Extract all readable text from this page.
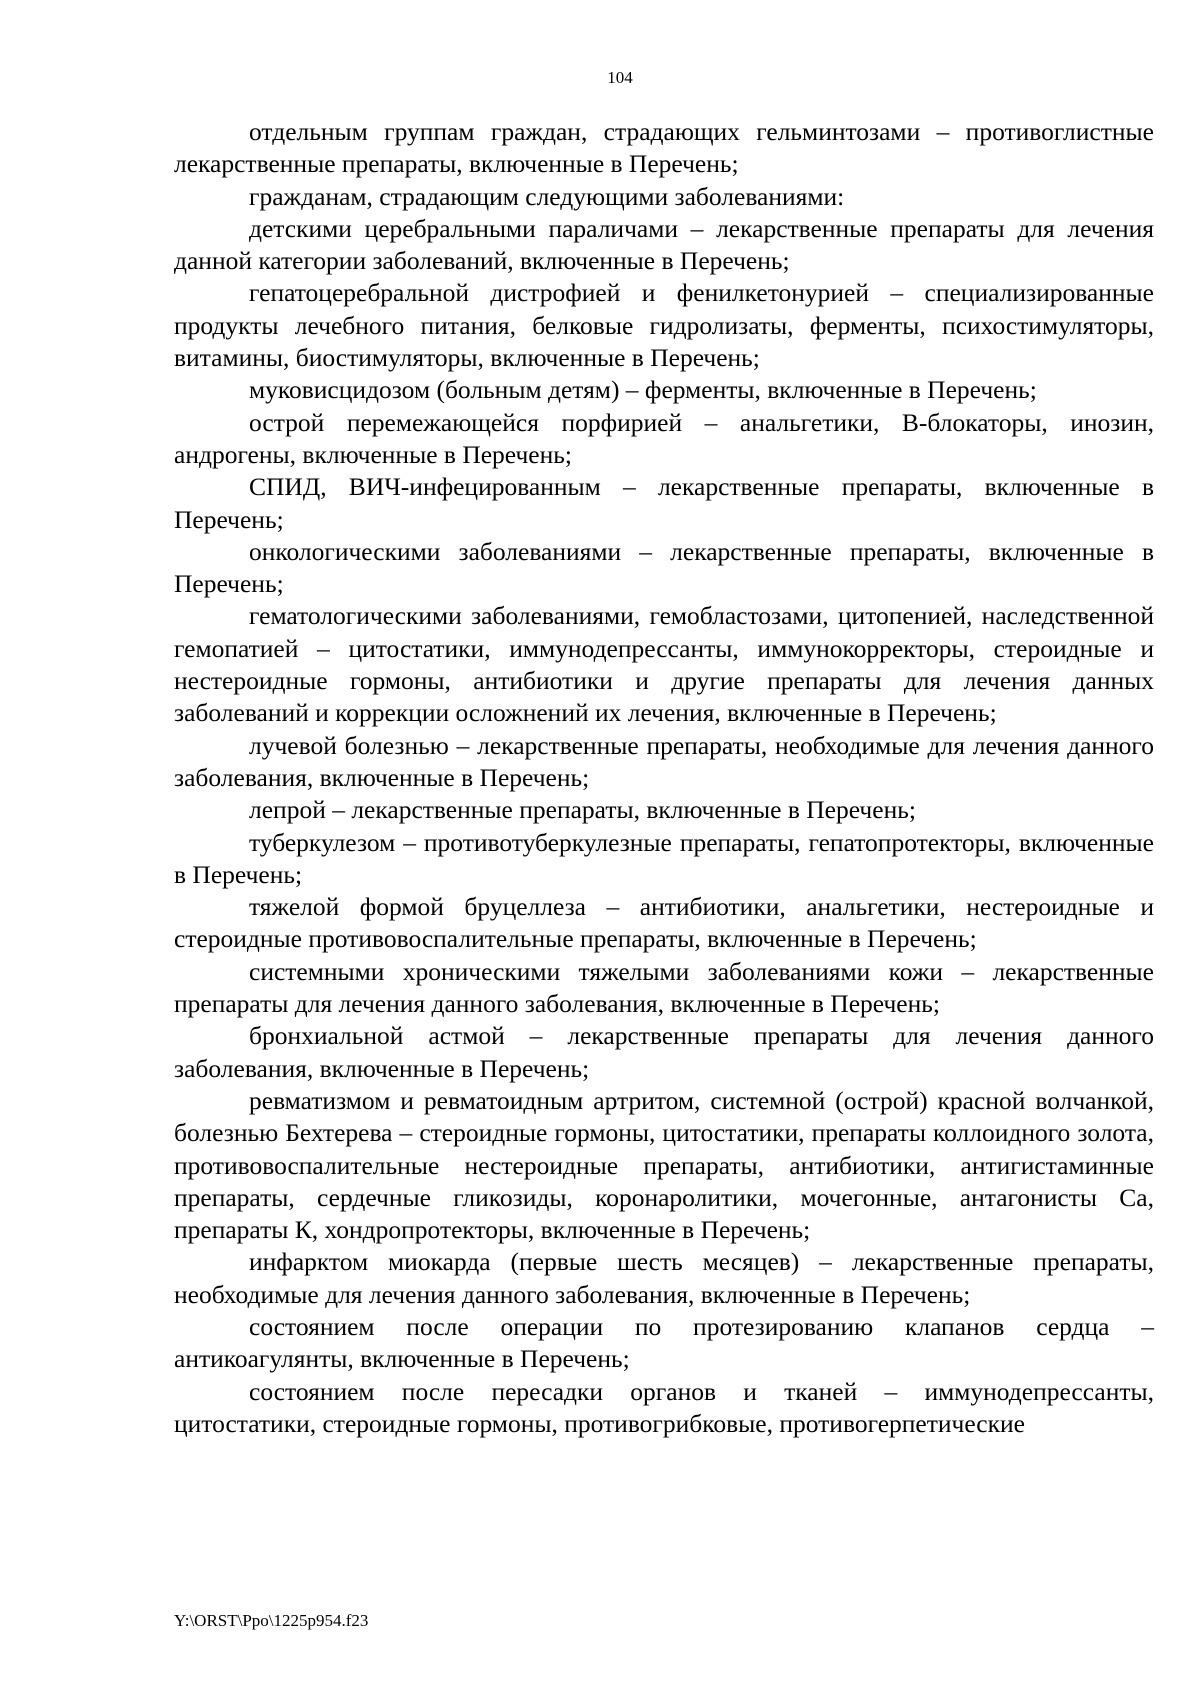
104

отдельным группам граждан, страдающих гельминтозами – противоглистные лекарственные препараты, включенные в Перечень;

гражданам, страдающим следующими заболеваниями:

детскими церебральными параличами – лекарственные препараты для лечения данной категории заболеваний, включенные в Перечень;

гепатоцеребральной дистрофией и фенилкетонурией – специализированные продукты лечебного питания, белковые гидролизаты, ферменты, психостимуляторы, витамины, биостимуляторы, включенные в Перечень;

муковисцидозом (больным детям) – ферменты, включенные в Перечень;

острой перемежающейся порфирией – анальгетики, В-блокаторы, инозин, андрогены, включенные в Перечень;

СПИД, ВИЧ-инфецированным – лекарственные препараты, включенные в Перечень;

онкологическими заболеваниями – лекарственные препараты, включенные в Перечень;

гематологическими заболеваниями, гемобластозами, цитопенией, наследственной гемопатией – цитостатики, иммунодепрессанты, иммунокорректоры, стероидные и нестероидные гормоны, антибиотики и другие препараты для лечения данных заболеваний и коррекции осложнений их лечения, включенные в Перечень;

лучевой болезнью – лекарственные препараты, необходимые для лечения данного заболевания, включенные в Перечень;

лепрой – лекарственные препараты, включенные в Перечень;

туберкулезом – противотуберкулезные препараты, гепатопротекторы, включенные в Перечень;

тяжелой формой бруцеллеза – антибиотики, анальгетики, нестероидные и стероидные противовоспалительные препараты, включенные в Перечень;

системными хроническими тяжелыми заболеваниями кожи – лекарственные препараты для лечения данного заболевания, включенные в Перечень;

бронхиальной астмой – лекарственные препараты для лечения данного заболевания, включенные в Перечень;

ревматизмом и ревматоидным артритом, системной (острой) красной волчанкой, болезнью Бехтерева – стероидные гормоны, цитостатики, препараты коллоидного золота, противовоспалительные нестероидные препараты, антибиотики, антигистаминные препараты, сердечные гликозиды, коронаролитики, мочегонные, антагонисты Са, препараты К, хондропротекторы, включенные в Перечень;

инфарктом миокарда (первые шесть месяцев) – лекарственные препараты, необходимые для лечения данного заболевания, включенные в Перечень;

состоянием после операции по протезированию клапанов сердца – антикоагулянты, включенные в Перечень;

состоянием после пересадки органов и тканей – иммунодепрессанты, цитостатики, стероидные гормоны, противогрибковые, противогерпетические

Y:\ORST\Ppo\1225p954.f23
